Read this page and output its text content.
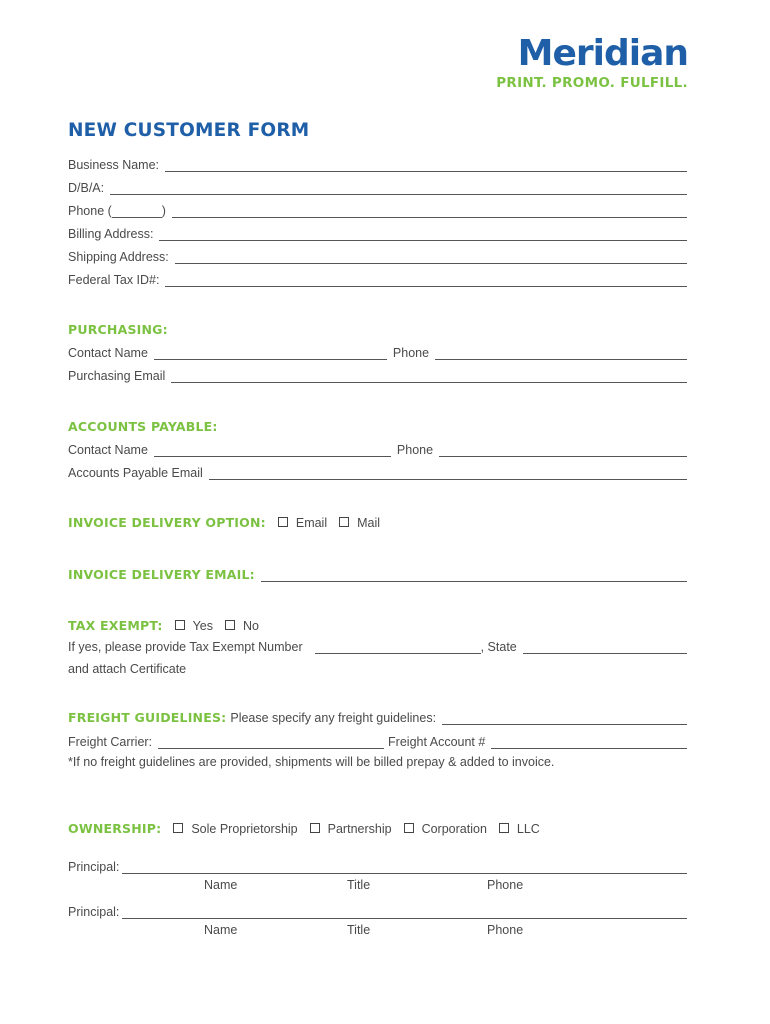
Meridian
PRINT. PROMO. FULFILL.
NEW CUSTOMER FORM
Business Name:
D/B/A:
Phone (	)
Billing Address:
Shipping Address:
Federal Tax ID#:
PURCHASING:
Contact Name	Phone
Purchasing Email
ACCOUNTS PAYABLE:
Contact Name	Phone
Accounts Payable Email
INVOICE DELIVERY OPTION: Email Mail
INVOICE DELIVERY EMAIL:
TAX EXEMPT: Yes No
If yes, please provide Tax Exempt Number	, State
and attach Certificate
FREIGHT GUIDELINES: Please specify any freight guidelines:
Freight Carrier:	Freight Account #
*If no freight guidelines are provided, shipments will be billed prepay & added to invoice.
OWNERSHIP: Sole Proprietorship Partnership Corporation LLC
Principal:
Name	Title	Phone
Principal:
Name	Title	Phone
